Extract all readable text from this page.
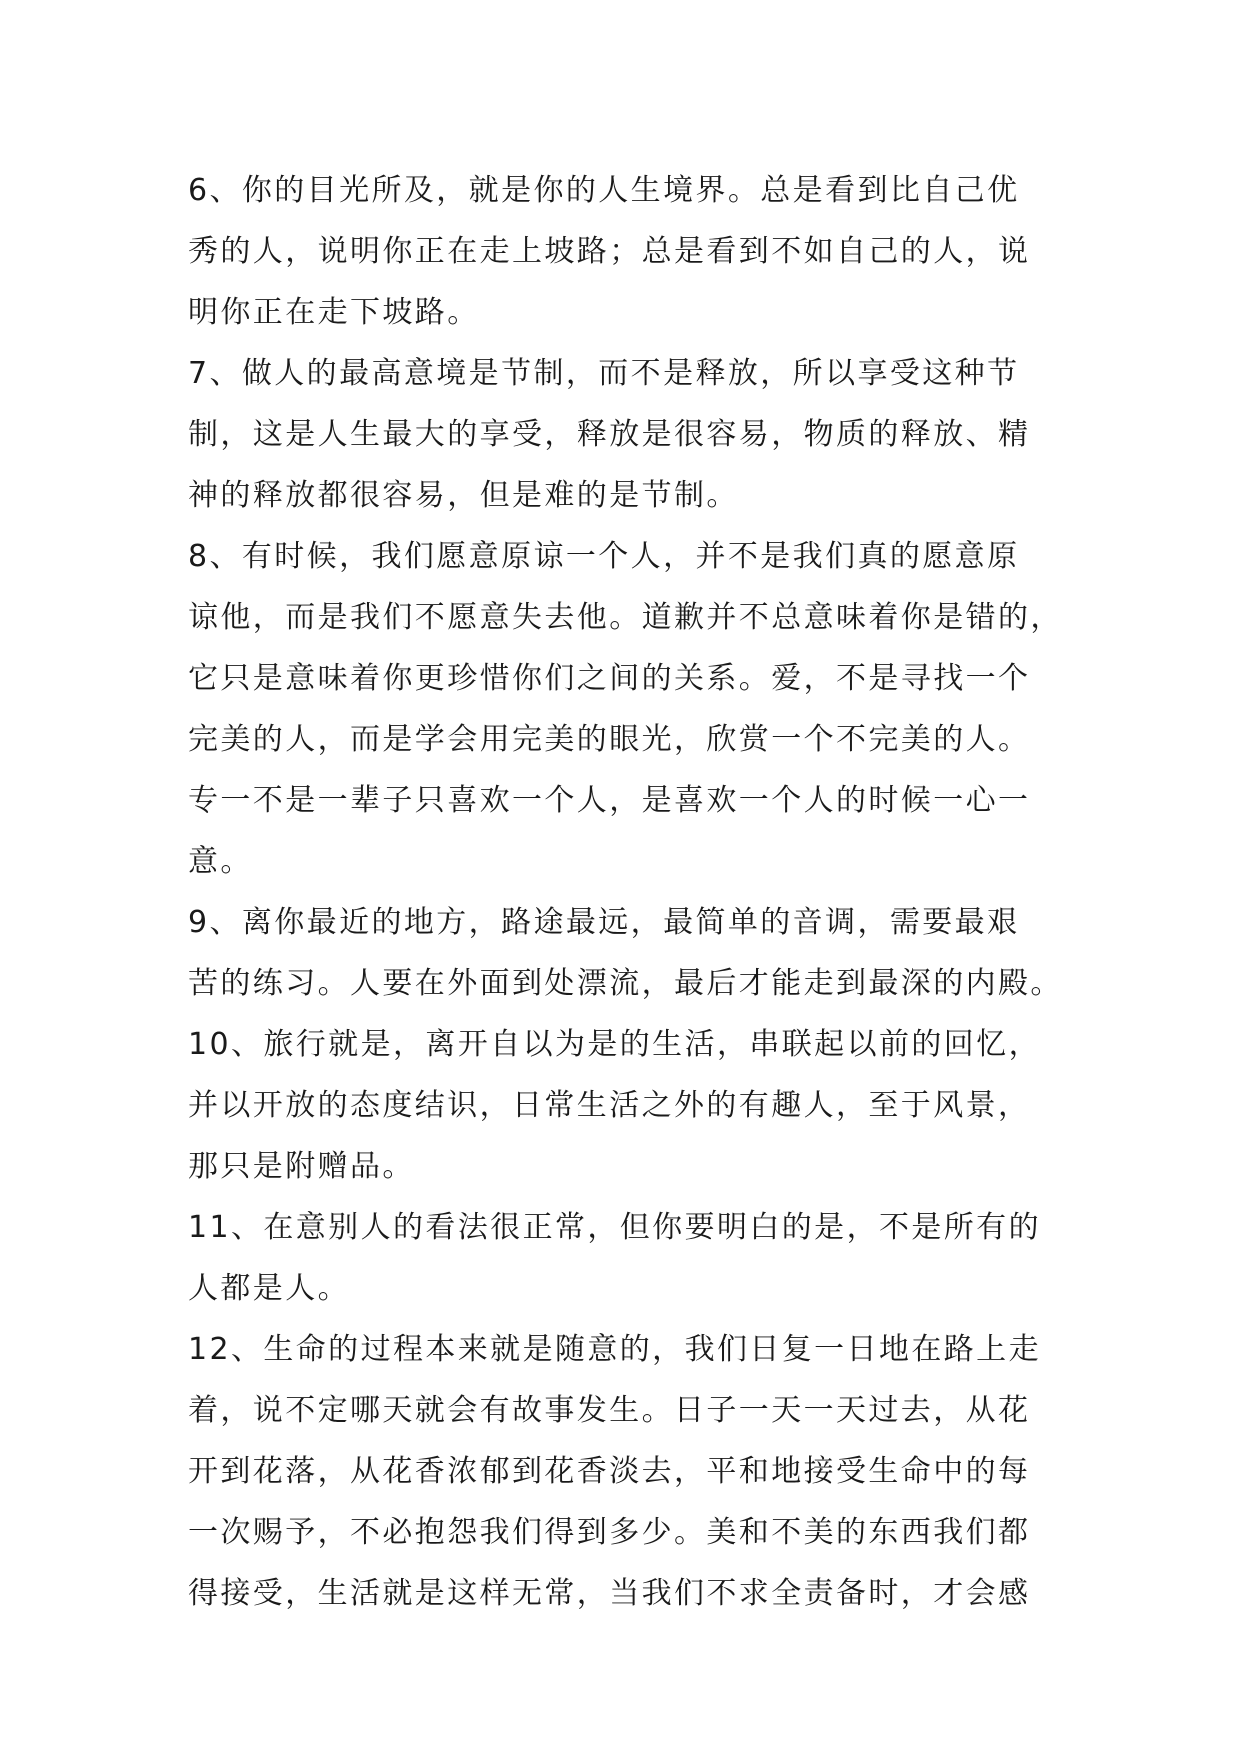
6、你的目光所及，就是你的人生境界。总是看到比自己优
秀的人，说明你正在走上坡路；总是看到不如自己的人，说
明你正在走下坡路。
7、做人的最高意境是节制，而不是释放，所以享受这种节
制，这是人生最大的享受，释放是很容易，物质的释放、精
神的释放都很容易，但是难的是节制。
8、有时候，我们愿意原谅一个人，并不是我们真的愿意原
谅他，而是我们不愿意失去他。道歉并不总意味着你是错的，
它只是意味着你更珍惜你们之间的关系。爱，不是寻找一个
完美的人，而是学会用完美的眼光，欣赏一个不完美的人。
专一不是一辈子只喜欢一个人，是喜欢一个人的时候一心一
意。
9、离你最近的地方，路途最远，最简单的音调，需要最艰
苦的练习。人要在外面到处漂流，最后才能走到最深的内殿。
10、旅行就是，离开自以为是的生活，串联起以前的回忆，
并以开放的态度结识，日常生活之外的有趣人，至于风景，
那只是附赠品。
11、在意别人的看法很正常，但你要明白的是，不是所有的
人都是人。
12、生命的过程本来就是随意的，我们日复一日地在路上走
着，说不定哪天就会有故事发生。日子一天一天过去，从花
开到花落，从花香浓郁到花香淡去，平和地接受生命中的每
一次赐予，不必抱怨我们得到多少。美和不美的东西我们都
得接受，生活就是这样无常，当我们不求全责备时，才会感
